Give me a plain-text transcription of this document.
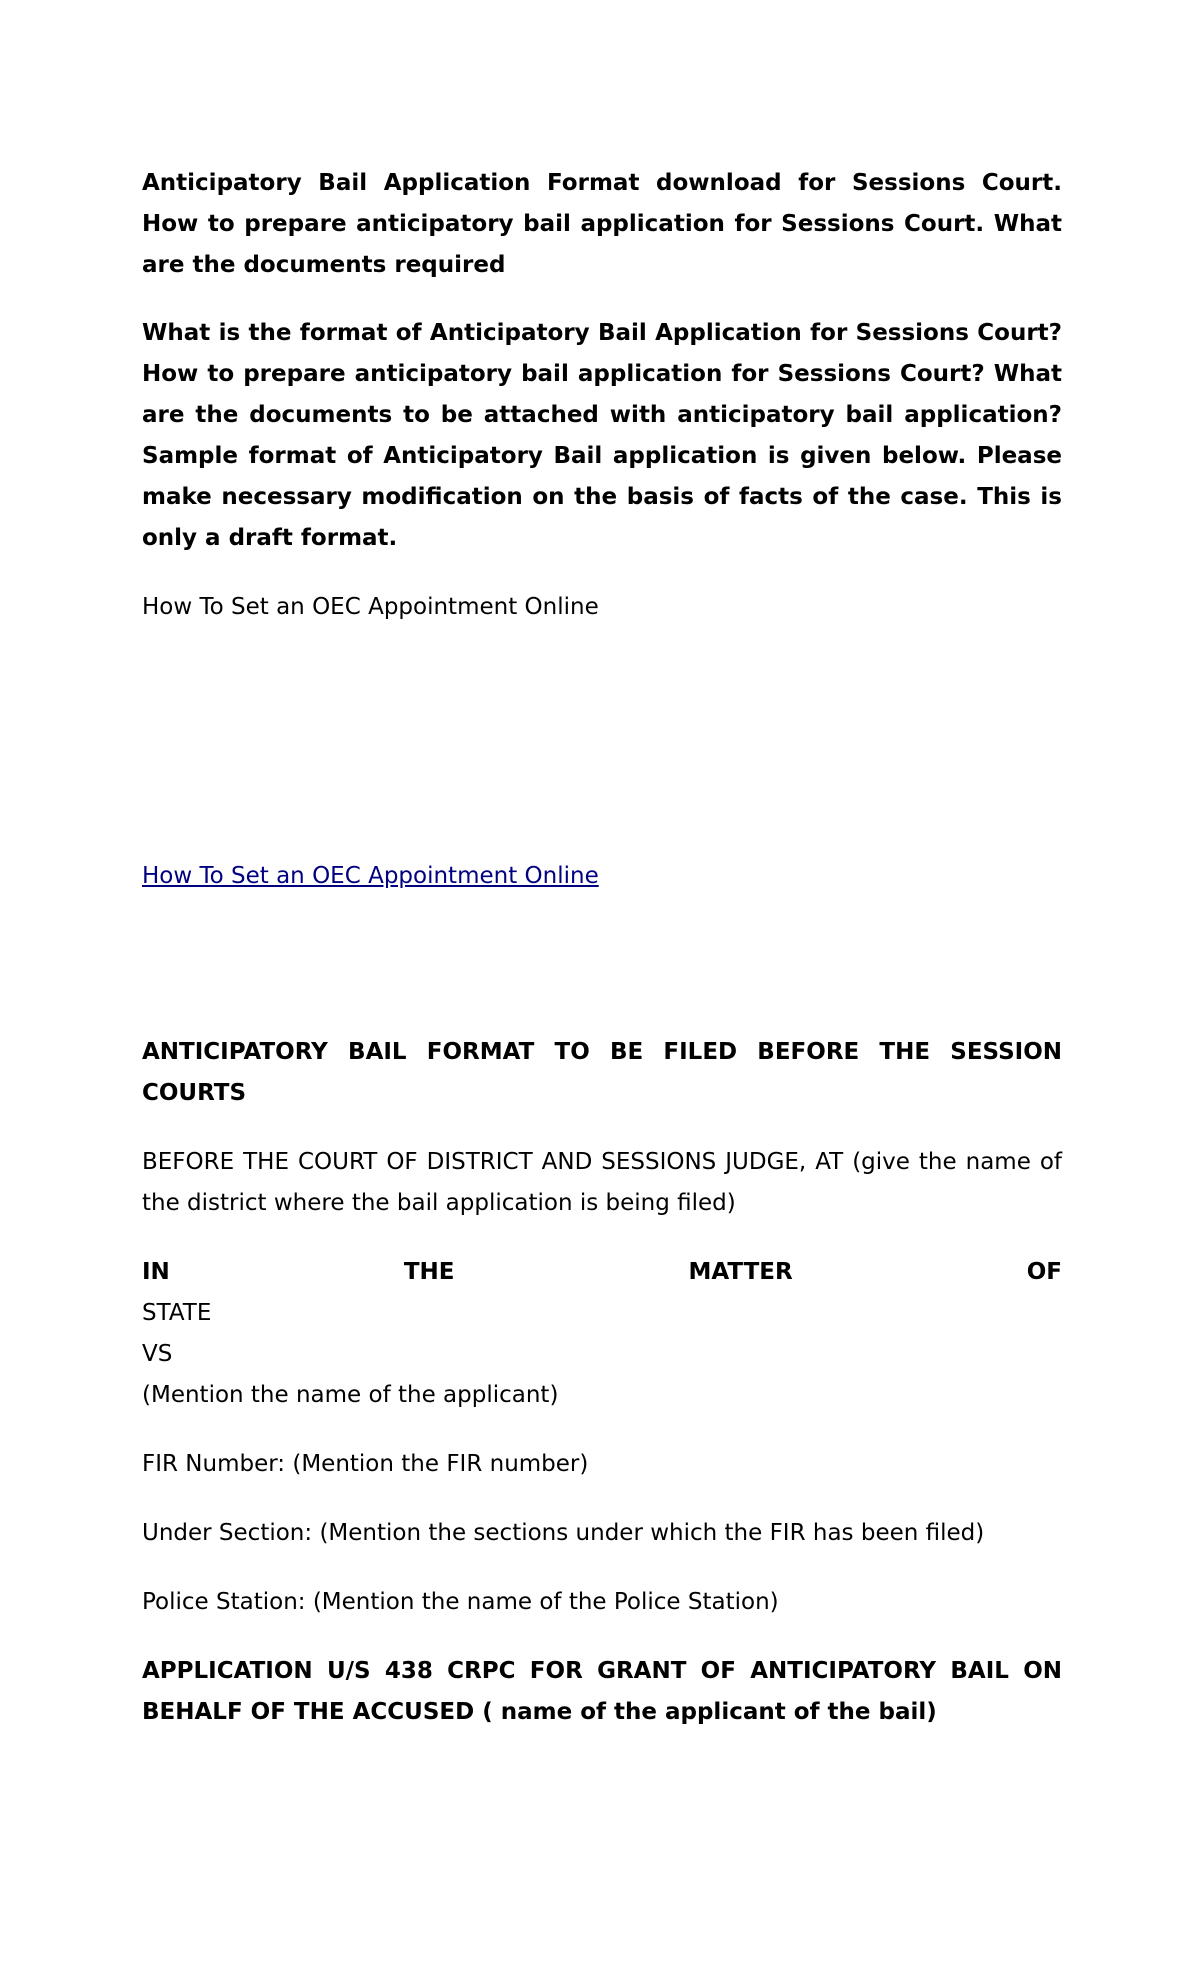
Anticipatory Bail Application Format download for Sessions Court. How to prepare anticipatory bail application for Sessions Court. What are the documents required

What is the format of Anticipatory Bail Application for Sessions Court? How to prepare anticipatory bail application for Sessions Court? What are the documents to be attached with anticipatory bail application? Sample format of Anticipatory Bail application is given below. Please make necessary modification on the basis of facts of the case. This is only a draft format.

How To Set an OEC Appointment Online

How To Set an OEC Appointment Online

ANTICIPATORY BAIL FORMAT TO BE FILED BEFORE THE SESSION COURTS

BEFORE THE COURT OF DISTRICT AND SESSIONS JUDGE, AT (give the name of the district where the bail application is being filed)

IN	THE	MATTER	OF
STATE
VS

(Mention the name of the applicant)

FIR Number: (Mention the FIR number)

Under Section: (Mention the sections under which the FIR has been filed)

Police Station: (Mention the name of the Police Station)

APPLICATION U/S 438 CRPC FOR GRANT OF ANTICIPATORY BAIL ON BEHALF OF THE ACCUSED ( name of the applicant of the bail)
